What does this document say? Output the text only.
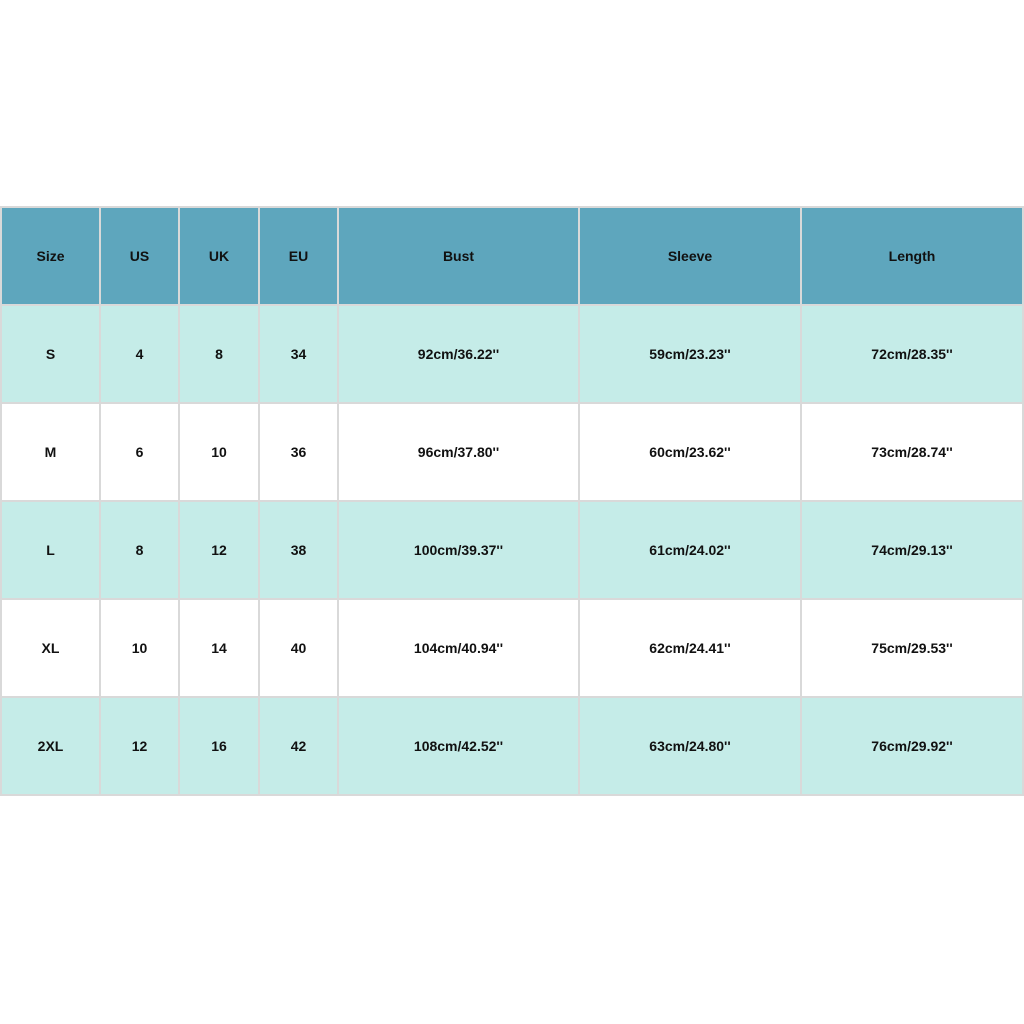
Size	US	UK	EU	Bust	Sleeve	Length
S	4	8	34	92cm/36.22''	59cm/23.23''	72cm/28.35''
M	6	10	36	96cm/37.80''	60cm/23.62''	73cm/28.74''
L	8	12	38	100cm/39.37''	61cm/24.02''	74cm/29.13''
XL	10	14	40	104cm/40.94''	62cm/24.41''	75cm/29.53''
2XL	12	16	42	108cm/42.52''	63cm/24.80''	76cm/29.92''
